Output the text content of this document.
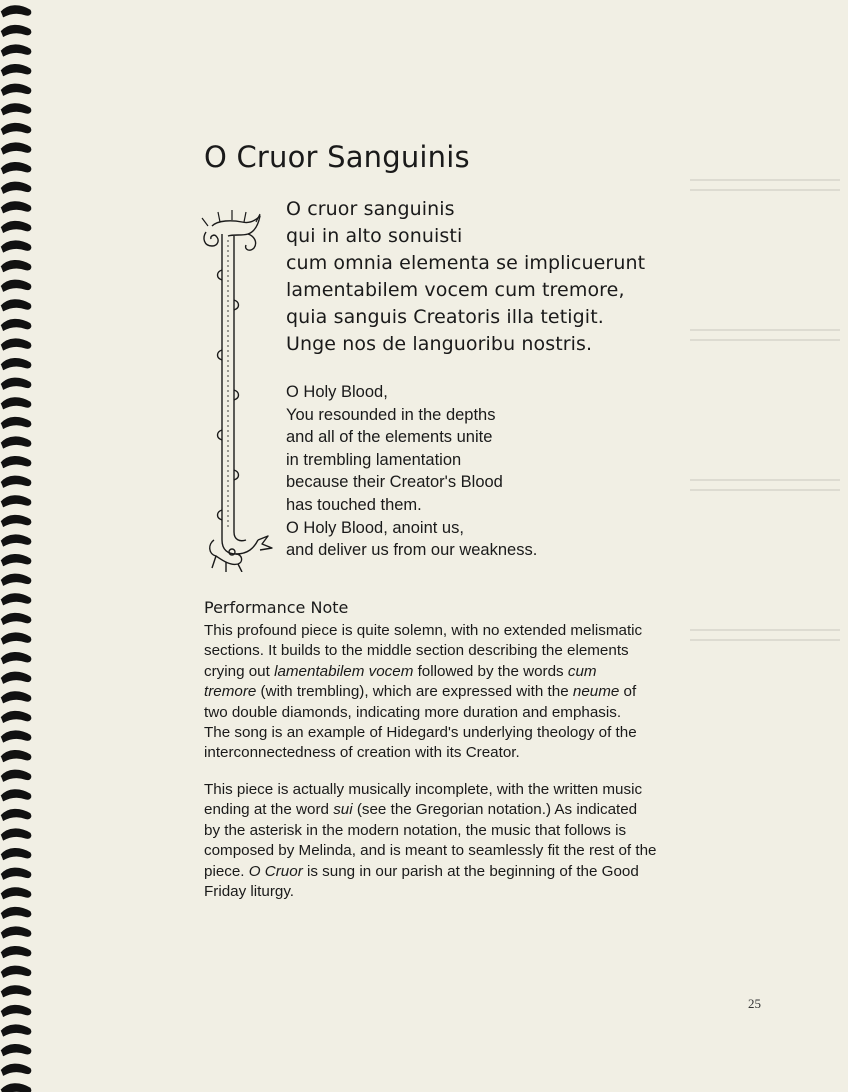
O Cruor Sanguinis
O cruor sanguinis
qui in alto sonuisti
cum omnia elementa se implicuerunt
lamentabilem vocem cum tremore,
quia sanguis Creatoris illa tetigit.
Unge nos de languoribu nostris.
O Holy Blood,
You resounded in the depths
and all of the elements unite
in trembling lamentation
because their Creator's Blood
has touched them.
O Holy Blood, anoint us,
and deliver us from our weakness.
Performance Note
This profound piece is quite solemn, with no extended melismatic
sections. It builds to the middle section describing the elements
crying out lamentabilem vocem followed by the words cum
tremore (with trembling), which are expressed with the neume of
two double diamonds, indicating more duration and emphasis.
The song is an example of Hidegard's underlying theology of the
interconnectedness of creation with its Creator.
This piece is actually musically incomplete, with the written music
ending at the word sui (see the Gregorian notation.) As indicated
by the asterisk in the modern notation, the music that follows is
composed by Melinda, and is meant to seamlessly fit the rest of the
piece. O Cruor is sung in our parish at the beginning of the Good
Friday liturgy.
25
